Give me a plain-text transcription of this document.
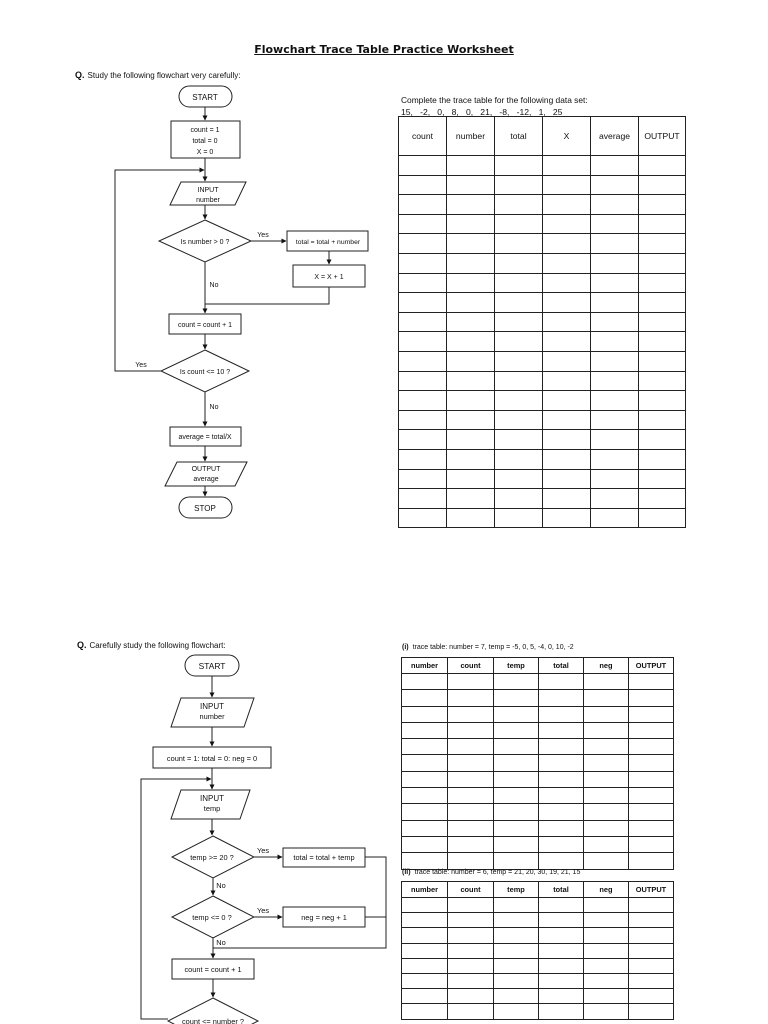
Flowchart Trace Table Practice Worksheet
Q. Study the following flowchart very carefully:
START
count = 1
total = 0
X = 0
INPUT
number
Is number > 0 ?
Yes
total = total + number
X = X + 1
No
count = count + 1
Yes
Is count <= 10 ?
No
average = total/X
OUTPUT
average
STOP
START
INPUT
number
count = 1: total = 0: neg = 0
INPUT
temp
temp >= 20 ?
Yes
total = total + temp
No
temp <= 0 ?
Yes
neg = neg + 1
No
count = count + 1
count <= number ?
Complete the trace table for the following data set:
15,   -2,   0,   8,   0,   21,   -8,   -12,   1,   25
count	number	total	X	average	OUTPUT

Q. Carefully study the following flowchart:	(i) trace table: number = 7, temp = -5, 0, 5, -4, 0, 10, -2
number	count	temp	total	neg	OUTPUT

(ii) trace table: number = 6, temp = 21, 20, 30, 19, 21, 15
number	count	temp	total	neg	OUTPUT
